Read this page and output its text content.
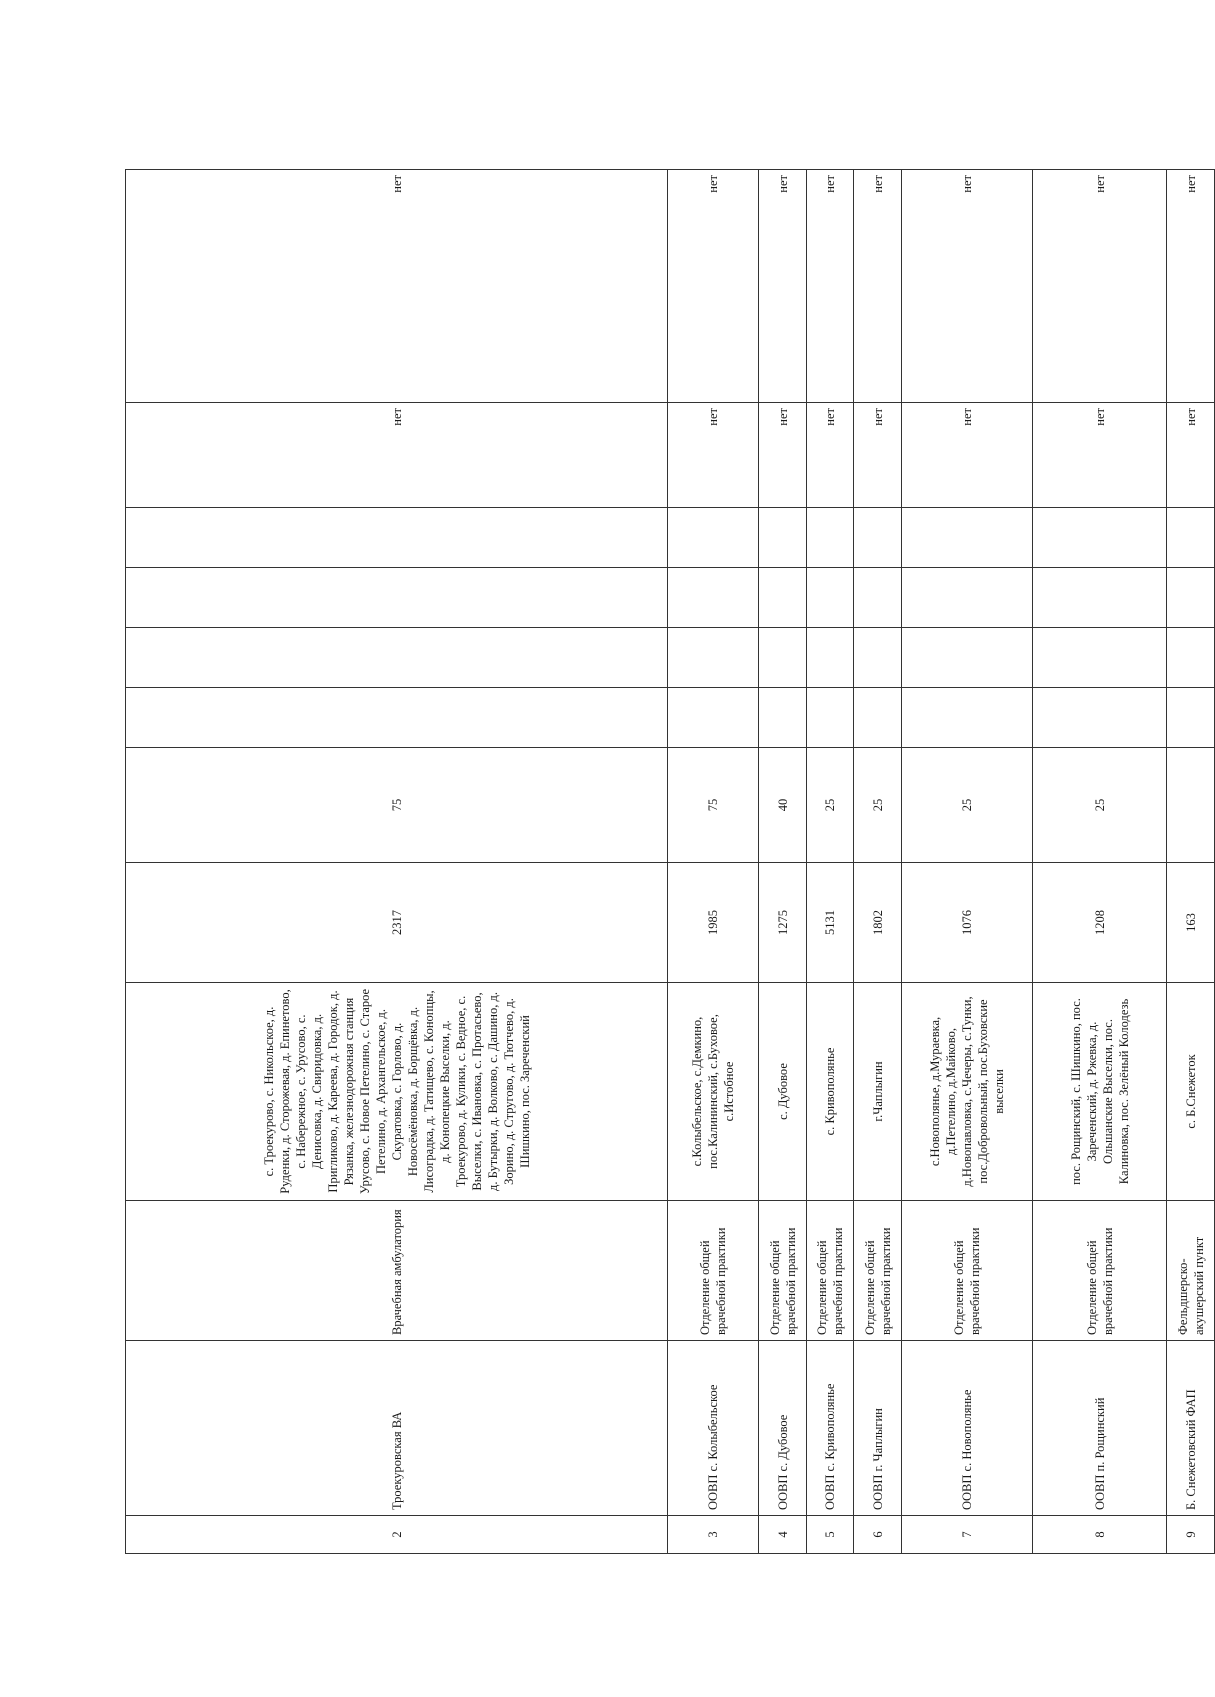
2	Троекуровская ВА	Врачебная амбулатория	с. Троекурово, с. Никольское, д. Руденки, д. Сторожевая, д. Епинетово, с. Набережное, с. Урусово, с. Денисовка, д. Свиридовка, д. Пригликово, д. Кареева, д. Городок, д. Рязанка, железнодорожная станция Урусово, с. Новое Петелино, с. Старое Петелино, д. Архангельское, д. Скуратовка, с. Горлово, д. Новосёмёновка, д. Борщёвка, д. Лисоградка, д. Татищево, с. Конопцы, д. Конопецкие Выселки, д. Троекурово, д. Кулики, с. Ведное, с. Выселки, с. Ивановка, с. Протасьево, д. Бутырки, д. Волково, с. Дашино, д. Зорино, д. Стругово, д. Тютчево, д. Шишкино, пос. Зареченский	2317	75					нет	нет
3	ООВП с. Колыбельское	Отделение общей врачебной практики	с.Колыбельское, с.Демкино, пос.Калининский, с.Буховое, с.Истобное	1985	75					нет	нет
4	ООВП с. Дубовое	Отделение общей врачебной практики	с. Дубовое	1275	40					нет	нет
5	ООВП с. Кривополянье	Отделение общей врачебной практики	с. Кривополянье	5131	25					нет	нет
6	ООВП г. Чаплыгин	Отделение общей врачебной практики	г.Чаплыгин	1802	25					нет	нет
7	ООВП с. Новополянье	Отделение общей врачебной практики	с.Новополянье, д.Мураевка, д.Петелино, д.Майково, д.Новопавловка, с.Чечеры, с.Тунки, пос.Добровольный, пос.Буховские выселки	1076	25					нет	нет
8	ООВП п. Рощинский	Отделение общей врачебной практики	пос. Рощинский, с. Шишкино, пос. Зареченский, д. Ржевка, д. Ольшанские Выселки, пос. Калиновка, пос. Зелёный Колодезь	1208	25					нет	нет
9	Б. Снежетовский ФАП	Фельдшерско-акушерский пункт	с. Б.Снежеток	163						нет	нет
